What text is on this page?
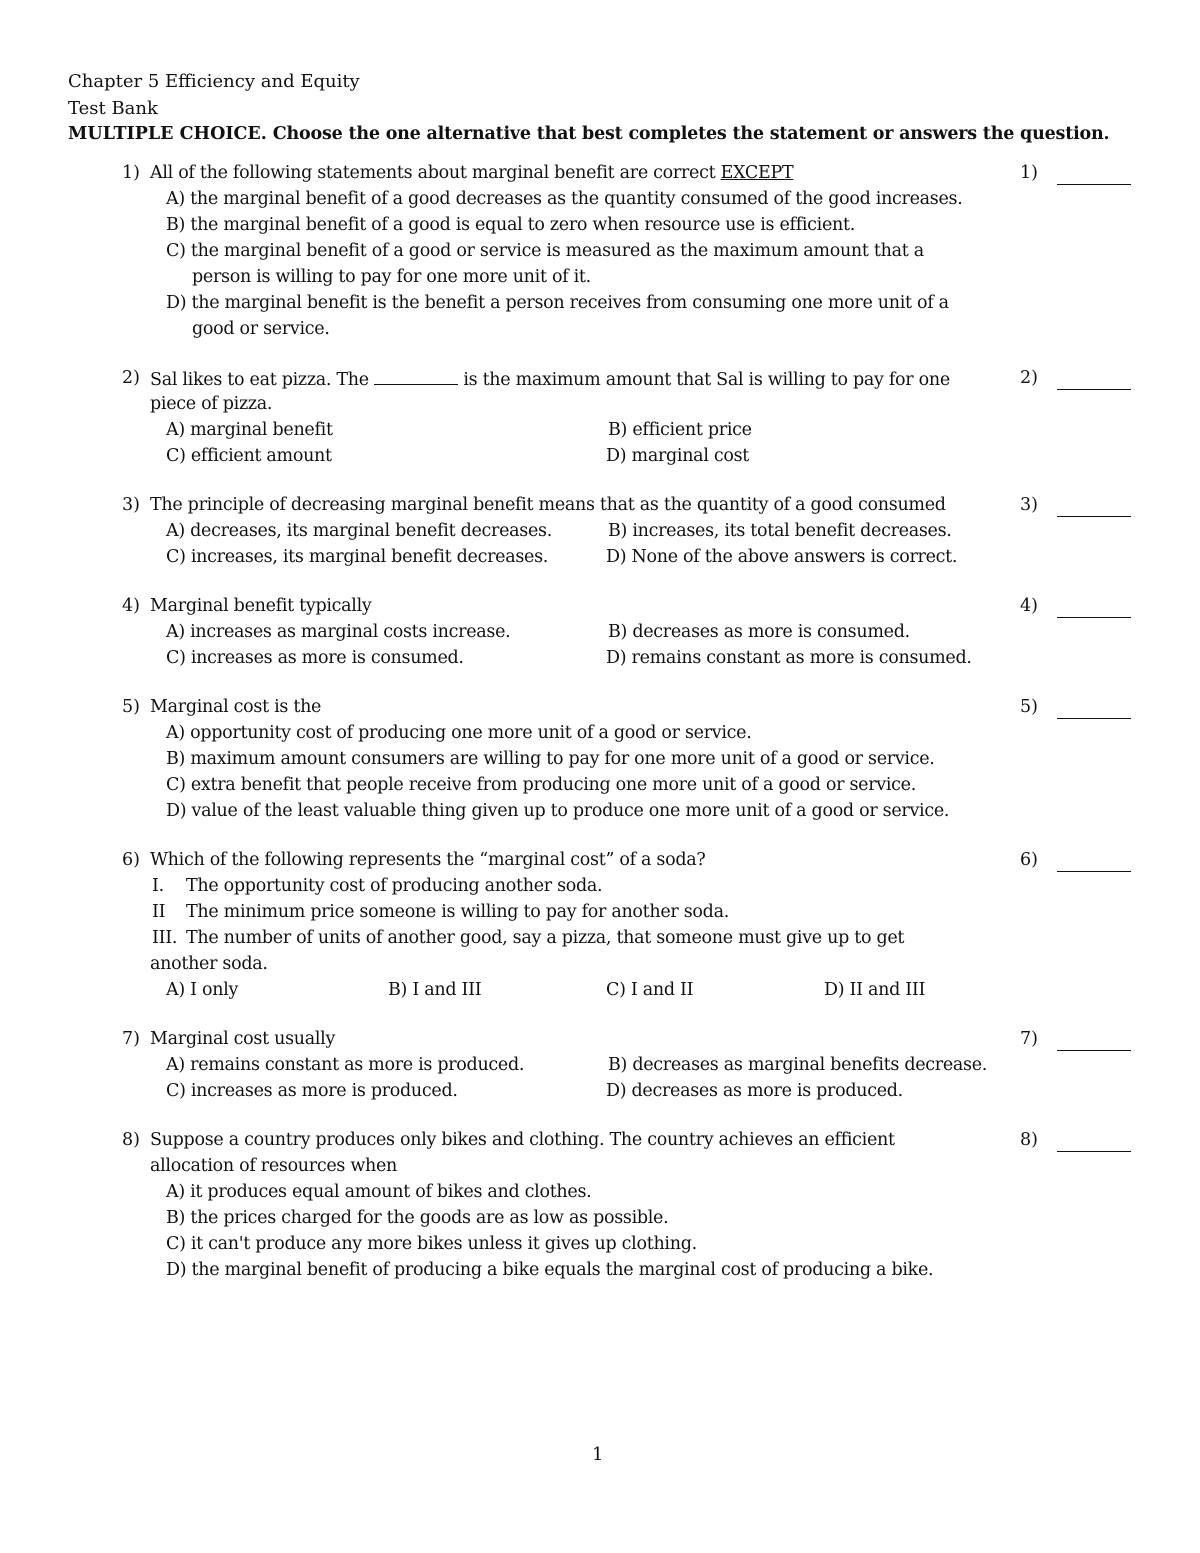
Chapter 5 Efficiency and Equity
Test Bank
MULTIPLE CHOICE. Choose the one alternative that best completes the statement or answers the question.
1) All of the following statements about marginal benefit are correct EXCEPT	1)
A) the marginal benefit of a good decreases as the quantity consumed of the good increases.
B) the marginal benefit of a good is equal to zero when resource use is efficient.
C) the marginal benefit of a good or service is measured as the maximum amount that a
person is willing to pay for one more unit of it.
D) the marginal benefit is the benefit a person receives from consuming one more unit of a
good or service.
2) Sal likes to eat pizza. The	is the maximum amount that Sal is willing to pay for one
piece of pizza.
2)
A) marginal benefit	B) efficient price
C) efficient amount	D) marginal cost
3) The principle of decreasing marginal benefit means that as the quantity of a good consumed	3)
A) decreases, its marginal benefit decreases.	B) increases, its total benefit decreases.
C) increases, its marginal benefit decreases.	D) None of the above answers is correct.
4) Marginal benefit typically	4)
A) increases as marginal costs increase.	B) decreases as more is consumed.
C) increases as more is consumed.	D) remains constant as more is consumed.
5) Marginal cost is the	5)
A) opportunity cost of producing one more unit of a good or service.
B) maximum amount consumers are willing to pay for one more unit of a good or service.
C) extra benefit that people receive from producing one more unit of a good or service.
D) value of the least valuable thing given up to produce one more unit of a good or service.
6) Which of the following represents the “marginal cost” of a soda?	6)
I. The opportunity cost of producing another soda.
II The minimum price someone is willing to pay for another soda.
III. The number of units of another good, say a pizza, that someone must give up to get
another soda.
A) I only	B) I and III	C) I and II	D) II and III
7) Marginal cost usually	7)
A) remains constant as more is produced.	B) decreases as marginal benefits decrease.
C) increases as more is produced.	D) decreases as more is produced.
8) Suppose a country produces only bikes and clothing. The country achieves an efficient
allocation of resources when
8)
A) it produces equal amount of bikes and clothes.
B) the prices charged for the goods are as low as possible.
C) it can't produce any more bikes unless it gives up clothing.
D) the marginal benefit of producing a bike equals the marginal cost of producing a bike.
1
